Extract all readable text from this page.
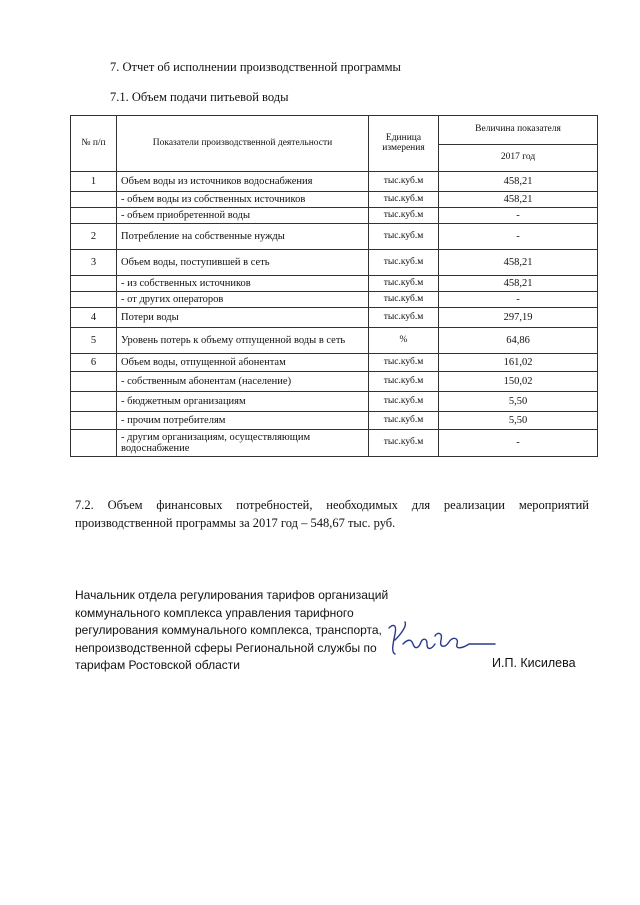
7. Отчет об исполнении производственной программы
7.1. Объем подачи питьевой воды
№ п/п	Показатели производственной деятельности	Единица измерения	Величина показателя
			2017 год
1	Объем воды из источников водоснабжения	тыс.куб.м	458,21
	- объем воды из собственных источников	тыс.куб.м	458,21
	- объем приобретенной воды	тыс.куб.м	-
2	Потребление на собственные нужды	тыс.куб.м	-
3	Объем воды, поступившей в сеть	тыс.куб.м	458,21
	- из собственных источников	тыс.куб.м	458,21
	- от других операторов	тыс.куб.м	-
4	Потери воды	тыс.куб.м	297,19
5	Уровень потерь к объему отпущенной воды в сеть	%	64,86
6	Объем воды, отпущенной абонентам	тыс.куб.м	161,02
	- собственным абонентам (население)	тыс.куб.м	150,02
	- бюджетным организациям	тыс.куб.м	5,50
	- прочим потребителям	тыс.куб.м	5,50
	- другим организациям, осуществляющим водоснабжение	тыс.куб.м	-
7.2. Объем финансовых потребностей, необходимых для реализации мероприятий производственной программы за 2017 год – 548,67 тыс. руб.
Начальник отдела регулирования тарифов организаций
коммунального комплекса управления тарифного
регулирования коммунального комплекса, транспорта,
непроизводственной сферы Региональной службы по
тарифам Ростовской области	И.П. Кисилева
